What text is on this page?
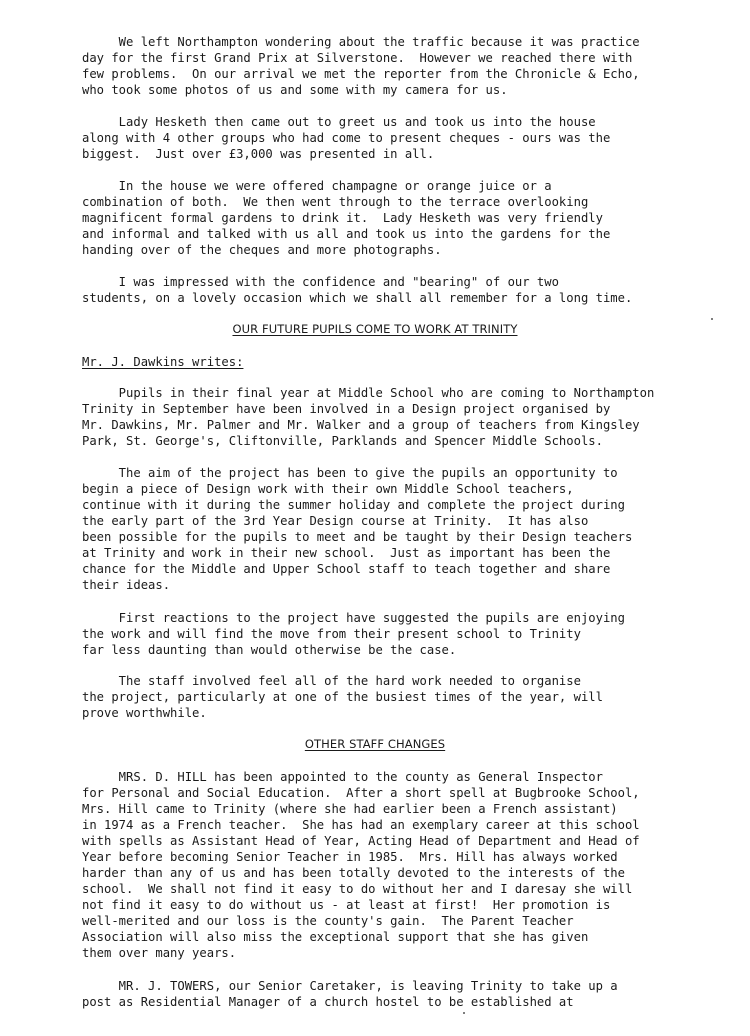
We left Northampton wondering about the traffic because it was practice
day for the first Grand Prix at Silverstone.  However we reached there with
few problems.  On our arrival we met the reporter from the Chronicle & Echo,
who took some photos of us and some with my camera for us.
Lady Hesketh then came out to greet us and took us into the house
along with 4 other groups who had come to present cheques - ours was the
biggest.  Just over £3,000 was presented in all.
In the house we were offered champagne or orange juice or a
combination of both.  We then went through to the terrace overlooking
magnificent formal gardens to drink it.  Lady Hesketh was very friendly
and informal and talked with us all and took us into the gardens for the
handing over of the cheques and more photographs.
I was impressed with the confidence and "bearing" of our two
students, on a lovely occasion which we shall all remember for a long time.
OUR FUTURE PUPILS COME TO WORK AT TRINITY
Mr. J. Dawkins writes:
Pupils in their final year at Middle School who are coming to Northampton
Trinity in September have been involved in a Design project organised by
Mr. Dawkins, Mr. Palmer and Mr. Walker and a group of teachers from Kingsley
Park, St. George's, Cliftonville, Parklands and Spencer Middle Schools.
The aim of the project has been to give the pupils an opportunity to
begin a piece of Design work with their own Middle School teachers,
continue with it during the summer holiday and complete the project during
the early part of the 3rd Year Design course at Trinity.  It has also
been possible for the pupils to meet and be taught by their Design teachers
at Trinity and work in their new school.  Just as important has been the
chance for the Middle and Upper School staff to teach together and share
their ideas.
First reactions to the project have suggested the pupils are enjoying
the work and will find the move from their present school to Trinity
far less daunting than would otherwise be the case.
The staff involved feel all of the hard work needed to organise
the project, particularly at one of the busiest times of the year, will
prove worthwhile.
OTHER STAFF CHANGES
MRS. D. HILL has been appointed to the county as General Inspector
for Personal and Social Education.  After a short spell at Bugbrooke School,
Mrs. Hill came to Trinity (where she had earlier been a French assistant)
in 1974 as a French teacher.  She has had an exemplary career at this school
with spells as Assistant Head of Year, Acting Head of Department and Head of
Year before becoming Senior Teacher in 1985.  Mrs. Hill has always worked
harder than any of us and has been totally devoted to the interests of the
school.  We shall not find it easy to do without her and I daresay she will
not find it easy to do without us - at least at first!  Her promotion is
well-merited and our loss is the county's gain.  The Parent Teacher
Association will also miss the exceptional support that she has given
them over many years.
MR. J. TOWERS, our Senior Caretaker, is leaving Trinity to take up a
post as Residential Manager of a church hostel to be established at
